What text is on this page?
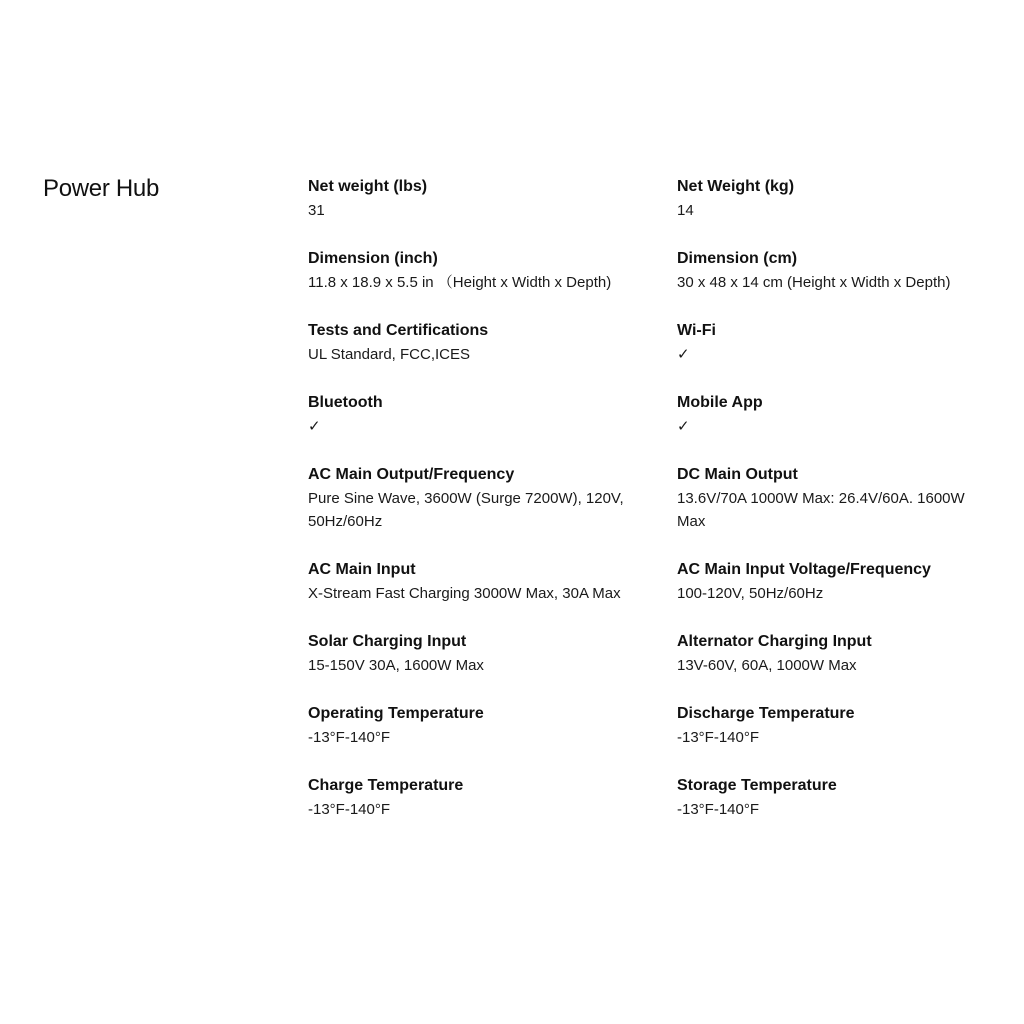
Power Hub	Net weight (lbs)
31
Net Weight (kg)
14
Dimension (inch)
11.8 x 18.9 x 5.5 in （Height x Width x Depth)
Dimension (cm)
30 x 48 x 14 cm (Height x Width x Depth)
Tests and Certifications
UL Standard, FCC,ICES
Wi-Fi
✓
Bluetooth
✓
Mobile App
✓
AC Main Output/Frequency
Pure Sine Wave, 3600W (Surge 7200W), 120V, 50Hz/60Hz
DC Main Output
13.6V/70A 1000W Max: 26.4V/60A. 1600W Max
AC Main Input
X-Stream Fast Charging 3000W Max, 30A Max
AC Main Input Voltage/Frequency
100-120V, 50Hz/60Hz
Solar Charging Input
15-150V 30A, 1600W Max
Alternator Charging Input
13V-60V, 60A, 1000W Max
Operating Temperature
-13°F-140°F
Discharge Temperature
-13°F-140°F
Charge Temperature
-13°F-140°F
Storage Temperature
-13°F-140°F
